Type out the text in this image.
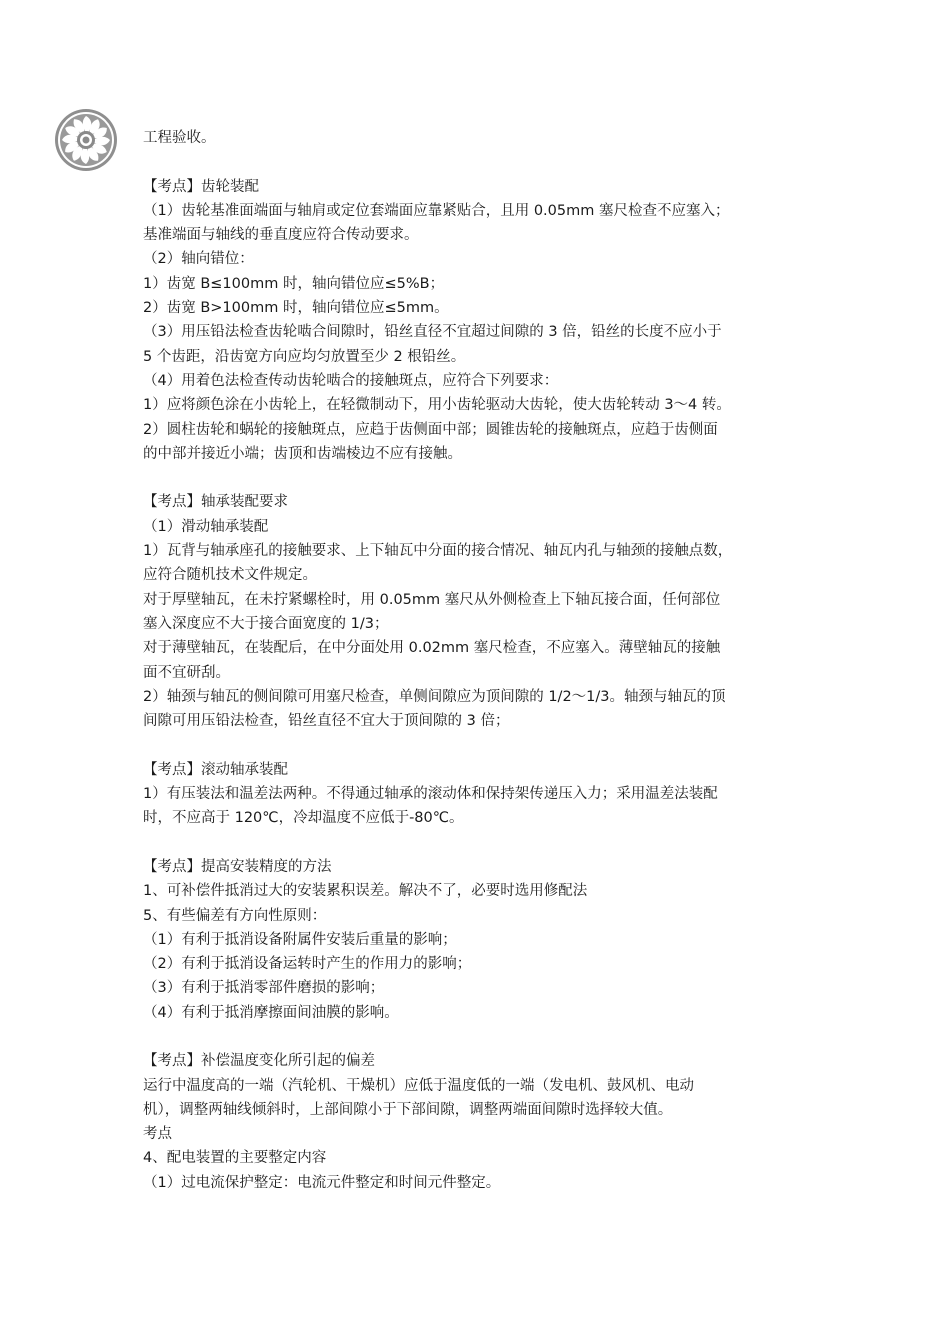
工程验收。
【考点】齿轮装配
（1）齿轮基准面端面与轴肩或定位套端面应靠紧贴合，且用 0.05mm 塞尺检查不应塞入；
基准端面与轴线的垂直度应符合传动要求。
（2）轴向错位：
1）齿宽 B≤100mm 时，轴向错位应≤5%B；
2）齿宽 B>100mm 时，轴向错位应≤5mm。
（3）用压铅法检查齿轮啮合间隙时，铅丝直径不宜超过间隙的 3 倍，铅丝的长度不应小于
5 个齿距，沿齿宽方向应均匀放置至少 2 根铅丝。
（4）用着色法检查传动齿轮啮合的接触斑点，应符合下列要求：
1）应将颜色涂在小齿轮上，在轻微制动下，用小齿轮驱动大齿轮，使大齿轮转动 3～4 转。
2）圆柱齿轮和蜗轮的接触斑点，应趋于齿侧面中部；圆锥齿轮的接触斑点，应趋于齿侧面
的中部并接近小端；齿顶和齿端棱边不应有接触。
【考点】轴承装配要求
（1）滑动轴承装配
1）瓦背与轴承座孔的接触要求、上下轴瓦中分面的接合情况、轴瓦内孔与轴颈的接触点数，
应符合随机技术文件规定。
对于厚壁轴瓦，在未拧紧螺栓时，用 0.05mm 塞尺从外侧检查上下轴瓦接合面，任何部位
塞入深度应不大于接合面宽度的 1/3；
对于薄壁轴瓦，在装配后，在中分面处用 0.02mm 塞尺检查，不应塞入。薄壁轴瓦的接触
面不宜研刮。
2）轴颈与轴瓦的侧间隙可用塞尺检查，单侧间隙应为顶间隙的 1/2～1/3。轴颈与轴瓦的顶
间隙可用压铅法检查，铅丝直径不宜大于顶间隙的 3 倍；
【考点】滚动轴承装配
1）有压装法和温差法两种。不得通过轴承的滚动体和保持架传递压入力；采用温差法装配
时，不应高于 120℃，冷却温度不应低于-80℃。
【考点】提高安装精度的方法
1、可补偿件抵消过大的安装累积误差。解决不了，必要时选用修配法
5、有些偏差有方向性原则：
（1）有利于抵消设备附属件安装后重量的影响；
（2）有利于抵消设备运转时产生的作用力的影响；
（3）有利于抵消零部件磨损的影响；
（4）有利于抵消摩擦面间油膜的影响。
【考点】补偿温度变化所引起的偏差
运行中温度高的一端（汽轮机、干燥机）应低于温度低的一端（发电机、鼓风机、电动
机），调整两轴线倾斜时，上部间隙小于下部间隙，调整两端面间隙时选择较大值。
考点
4、配电装置的主要整定内容
（1）过电流保护整定：电流元件整定和时间元件整定。
